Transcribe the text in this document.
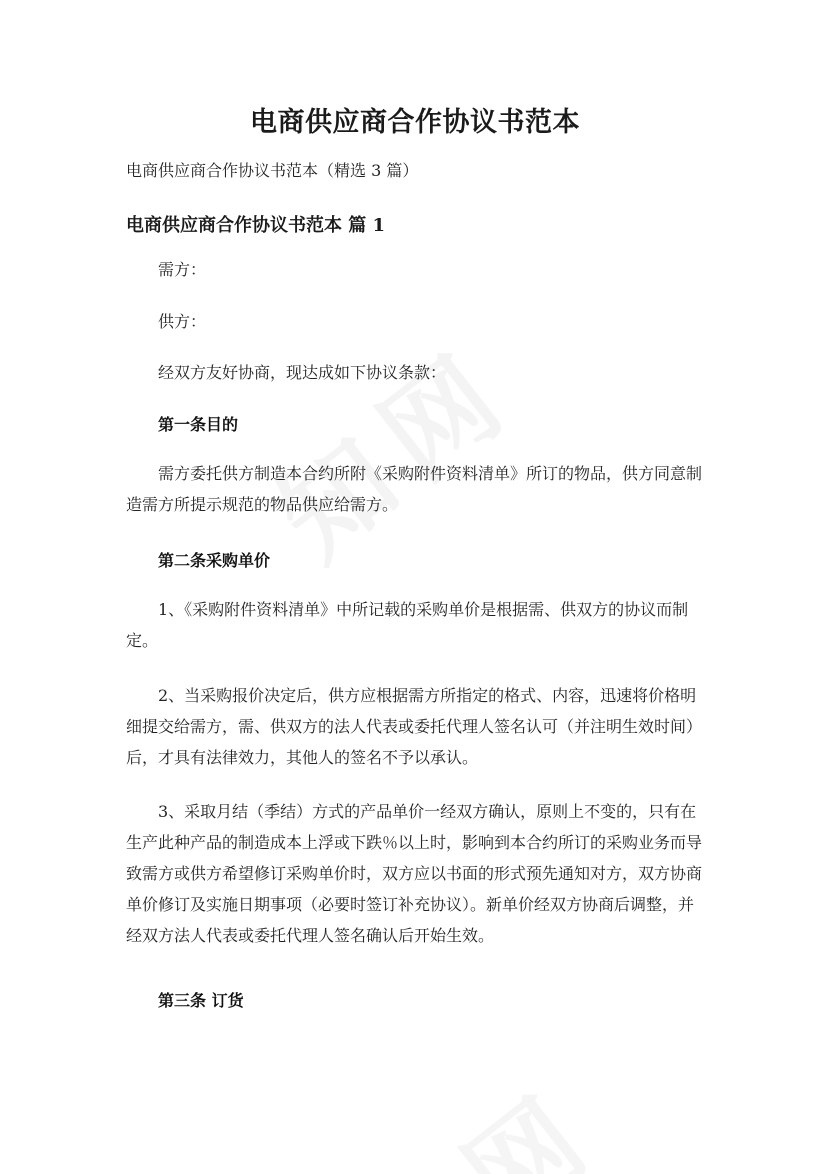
电商供应商合作协议书范本

电商供应商合作协议书范本（精选 3 篇）

电商供应商合作协议书范本 篇 1

需方：

供方：

经双方友好协商，现达成如下协议条款：

第一条目的

需方委托供方制造本合约所附《采购附件资料清单》所订的物品，供方同意制造需方所提示规范的物品供应给需方。

第二条采购单价

1、《采购附件资料清单》中所记载的采购单价是根据需、供双方的协议而制定。

2、当采购报价决定后，供方应根据需方所指定的格式、内容，迅速将价格明细提交给需方，需、供双方的法人代表或委托代理人签名认可（并注明生效时间）后，才具有法律效力，其他人的签名不予以承认。

3、采取月结（季结）方式的产品单价一经双方确认，原则上不变的，只有在生产此种产品的制造成本上浮或下跌％以上时，影响到本合约所订的采购业务而导致需方或供方希望修订采购单价时，双方应以书面的形式预先通知对方，双方协商单价修订及实施日期事项（必要时签订补充协议）。新单价经双方协商后调整，并经双方法人代表或委托代理人签名确认后开始生效。

第三条 订货
